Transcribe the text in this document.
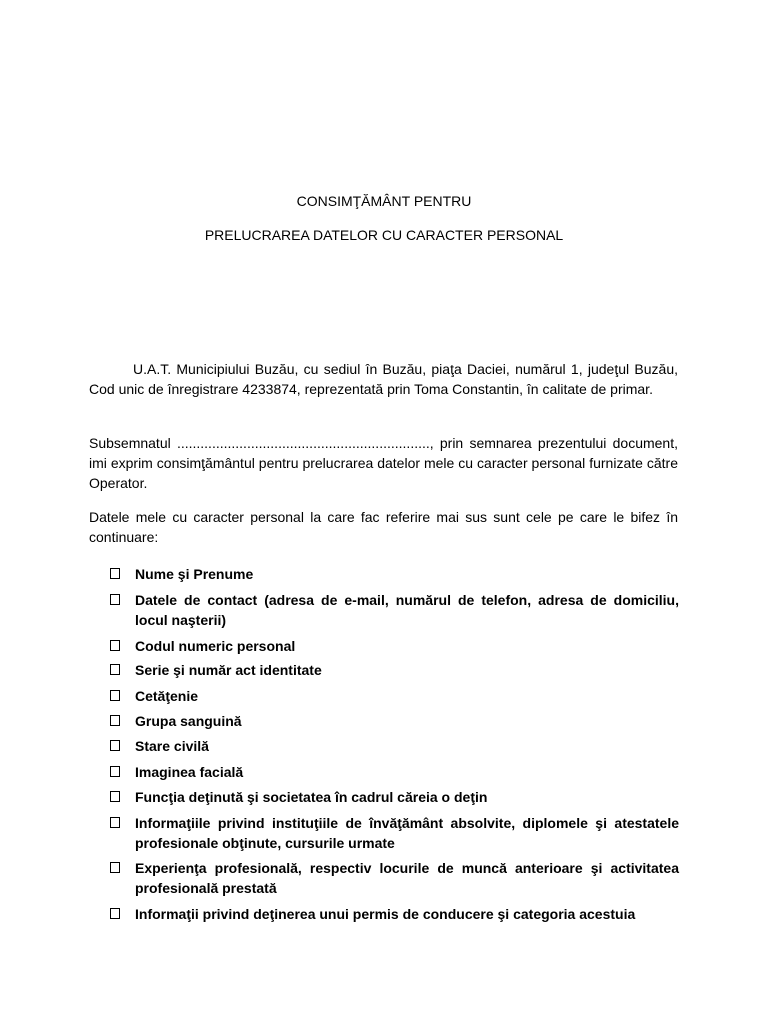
CONSIMŢĂMÂNT PENTRU
PRELUCRAREA DATELOR CU CARACTER PERSONAL

U.A.T. Municipiului Buzău, cu sediul în Buzău, piaţa Daciei, numărul 1, judeţul Buzău, Cod unic de înregistrare 4233874, reprezentată prin Toma Constantin, în calitate de primar.

Subsemnatul ................................................................., prin semnarea prezentului document, imi exprim consimţământul pentru prelucrarea datelor mele cu caracter personal furnizate către Operator.

Datele mele cu caracter personal la care fac referire mai sus sunt cele pe care le bifez în continuare:

Nume şi Prenume
Datele de contact (adresa de e-mail, numărul de telefon, adresa de domiciliu, locul naşterii)
Codul numeric personal
Serie şi număr act identitate
Cetăţenie
Grupa sanguină
Stare civilă
Imaginea facială
Funcţia deţinută şi societatea în cadrul căreia o deţin
Informaţiile privind instituţiile de învăţământ absolvite, diplomele şi atestatele profesionale obţinute, cursurile urmate
Experienţa profesională, respectiv locurile de muncă anterioare şi activitatea profesională prestată
Informaţii privind deţinerea unui permis de conducere şi categoria acestuia
